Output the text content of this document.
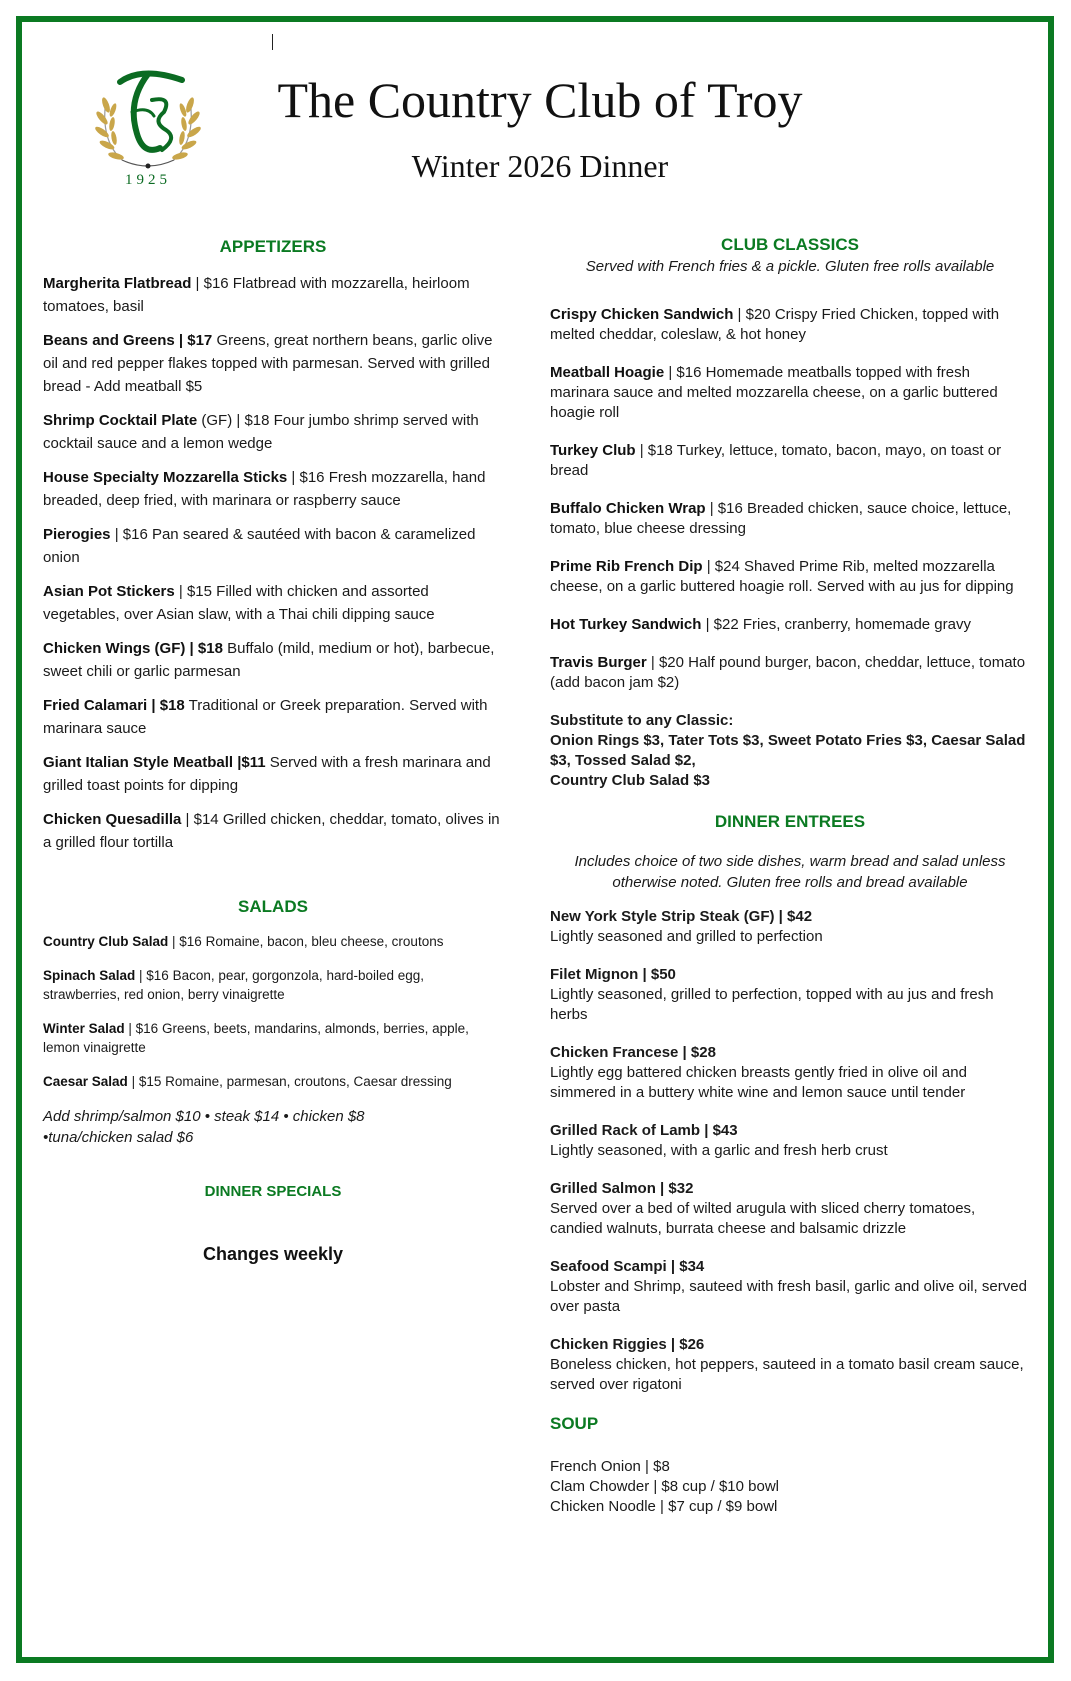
1925
The Country Club of Troy
Winter 2026 Dinner
APPETIZERS
Margherita Flatbread | $16 Flatbread with mozzarella, heirloom tomatoes, basil
Beans and Greens | $17 Greens, great northern beans, garlic olive oil and red pepper flakes topped with parmesan. Served with grilled bread - Add meatball $5
Shrimp Cocktail Plate (GF) | $18 Four jumbo shrimp served with cocktail sauce and a lemon wedge
House Specialty Mozzarella Sticks | $16 Fresh mozzarella, hand breaded, deep fried, with marinara or raspberry sauce
Pierogies | $16 Pan seared & sautéed with bacon & caramelized onion
Asian Pot Stickers | $15 Filled with chicken and assorted vegetables, over Asian slaw, with a Thai chili dipping sauce
Chicken Wings (GF) | $18 Buffalo (mild, medium or hot), barbecue, sweet chili or garlic parmesan
Fried Calamari | $18 Traditional or Greek preparation. Served with marinara sauce
Giant Italian Style Meatball |$11 Served with a fresh marinara and grilled toast points for dipping
Chicken Quesadilla | $14 Grilled chicken, cheddar, tomato, olives in a grilled flour tortilla
SALADS
Country Club Salad | $16 Romaine, bacon, bleu cheese, croutons
Spinach Salad | $16 Bacon, pear, gorgonzola, hard-boiled egg, strawberries, red onion, berry vinaigrette
Winter Salad | $16 Greens, beets, mandarins, almonds, berries, apple, lemon vinaigrette
Caesar Salad | $15 Romaine, parmesan, croutons, Caesar dressing
Add shrimp/salmon $10 • steak $14 • chicken $8
•tuna/chicken salad $6
DINNER SPECIALS
Changes weekly
CLUB CLASSICS
Served with French fries & a pickle. Gluten free rolls available
Crispy Chicken Sandwich | $20 Crispy Fried Chicken, topped with melted cheddar, coleslaw, & hot honey
Meatball Hoagie | $16 Homemade meatballs topped with fresh marinara sauce and melted mozzarella cheese, on a garlic buttered hoagie roll
Turkey Club | $18 Turkey, lettuce, tomato, bacon, mayo, on toast or bread
Buffalo Chicken Wrap | $16 Breaded chicken, sauce choice, lettuce, tomato, blue cheese dressing
Prime Rib French Dip | $24 Shaved Prime Rib, melted mozzarella cheese, on a garlic buttered hoagie roll. Served with au jus for dipping
Hot Turkey Sandwich | $22 Fries, cranberry, homemade gravy
Travis Burger | $20 Half pound burger, bacon, cheddar, lettuce, tomato (add bacon jam $2)
Substitute to any Classic:
Onion Rings $3, Tater Tots $3, Sweet Potato Fries $3, Caesar Salad $3, Tossed Salad $2,
Country Club Salad $3
DINNER ENTREES
Includes choice of two side dishes, warm bread and salad unless otherwise noted. Gluten free rolls and bread available
New York Style Strip Steak (GF) | $42
Lightly seasoned and grilled to perfection
Filet Mignon | $50
Lightly seasoned, grilled to perfection, topped with au jus and fresh herbs
Chicken Francese | $28
Lightly egg battered chicken breasts gently fried in olive oil and simmered in a buttery white wine and lemon sauce until tender
Grilled Rack of Lamb | $43
Lightly seasoned, with a garlic and fresh herb crust
Grilled Salmon | $32
Served over a bed of wilted arugula with sliced cherry tomatoes, candied walnuts, burrata cheese and balsamic drizzle
Seafood Scampi | $34
Lobster and Shrimp, sauteed with fresh basil, garlic and olive oil, served over pasta
Chicken Riggies | $26
Boneless chicken, hot peppers, sauteed in a tomato basil cream sauce, served over rigatoni
SOUP
French Onion | $8
Clam Chowder | $8 cup / $10 bowl
Chicken Noodle | $7 cup / $9 bowl
